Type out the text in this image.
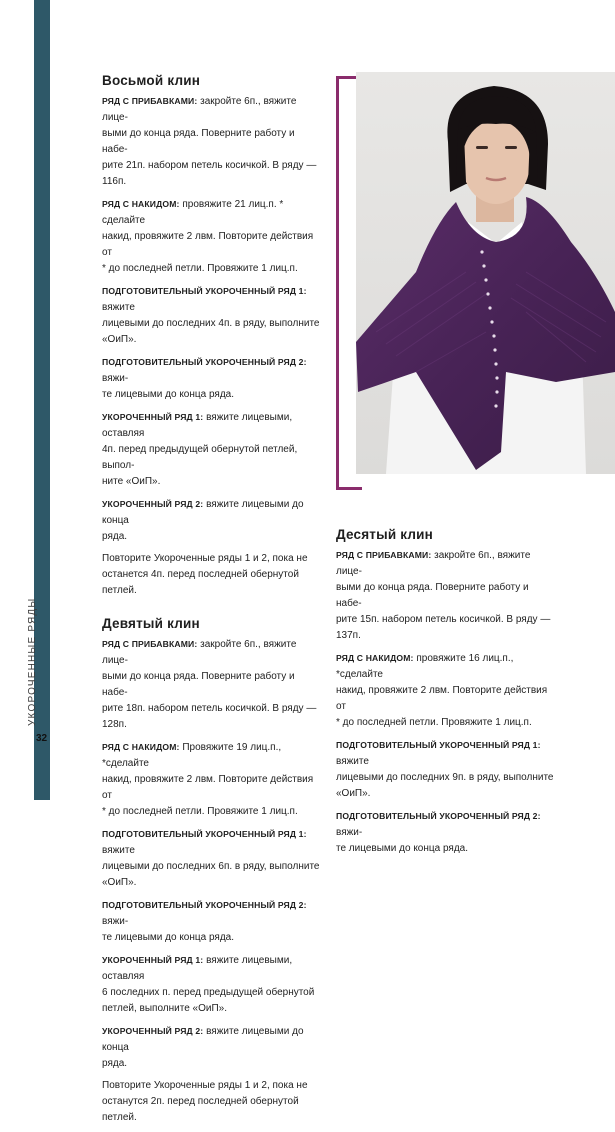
УКОРОЧЕННЫЕ РЯДЫ
32
Восьмой клин
РЯД С ПРИБАВКАМИ: закройте 6п., вяжите лице-
выми до конца ряда. Поверните работу и набе-
рите 21п. набором петель косичкой. В ряду —
116п.
РЯД С НАКИДОМ: провяжите 21 лиц.п. * сделайте
накид, провяжите 2 лвм. Повторите действия от
* до последней петли. Провяжите 1 лиц.п.
ПОДГОТОВИТЕЛЬНЫЙ УКОРОЧЕННЫЙ РЯД 1: вяжите
лицевыми до последних 4п. в ряду, выполните
«ОиП».
ПОДГОТОВИТЕЛЬНЫЙ УКОРОЧЕННЫЙ РЯД 2: вяжи-
те лицевыми до конца ряда.
УКОРОЧЕННЫЙ РЯД 1: вяжите лицевыми, оставляя
4п. перед предыдущей обернутой петлей, выпол-
ните «ОиП».
УКОРОЧЕННЫЙ РЯД 2: вяжите лицевыми до конца
ряда.
Повторите Укороченные ряды 1 и 2, пока не
останется 4п. перед последней обернутой
петлей.
Девятый клин
РЯД С ПРИБАВКАМИ: закройте 6п., вяжите лице-
выми до конца ряда. Поверните работу и набе-
рите 18п. набором петель косичкой. В ряду —
128п.
РЯД С НАКИДОМ: Провяжите 19 лиц.п., *сделайте
накид, провяжите 2 лвм. Повторите действия от
* до последней петли. Провяжите 1 лиц.п.
ПОДГОТОВИТЕЛЬНЫЙ УКОРОЧЕННЫЙ РЯД 1: вяжите
лицевыми до последних 6п. в ряду, выполните
«ОиП».
ПОДГОТОВИТЕЛЬНЫЙ УКОРОЧЕННЫЙ РЯД 2: вяжи-
те лицевыми до конца ряда.
УКОРОЧЕННЫЙ РЯД 1: вяжите лицевыми, оставляя
6 последних п. перед предыдущей обернутой
петлей, выполните «ОиП».
УКОРОЧЕННЫЙ РЯД 2: вяжите лицевыми до конца
ряда.
Повторите Укороченные ряды 1 и 2, пока не
останутся 2п. перед последней обернутой
петлей.
Десятый клин
РЯД С ПРИБАВКАМИ: закройте 6п., вяжите лице-
выми до конца ряда. Поверните работу и набе-
рите 15п. набором петель косичкой. В ряду —
137п.
РЯД С НАКИДОМ: провяжите 16 лиц.п., *сделайте
накид, провяжите 2 лвм. Повторите действия от
* до последней петли. Провяжите 1 лиц.п.
ПОДГОТОВИТЕЛЬНЫЙ УКОРОЧЕННЫЙ РЯД 1: вяжите
лицевыми до последних 9п. в ряду, выполните
«ОиП».
ПОДГОТОВИТЕЛЬНЫЙ УКОРОЧЕННЫЙ РЯД 2: вяжи-
те лицевыми до конца ряда.
